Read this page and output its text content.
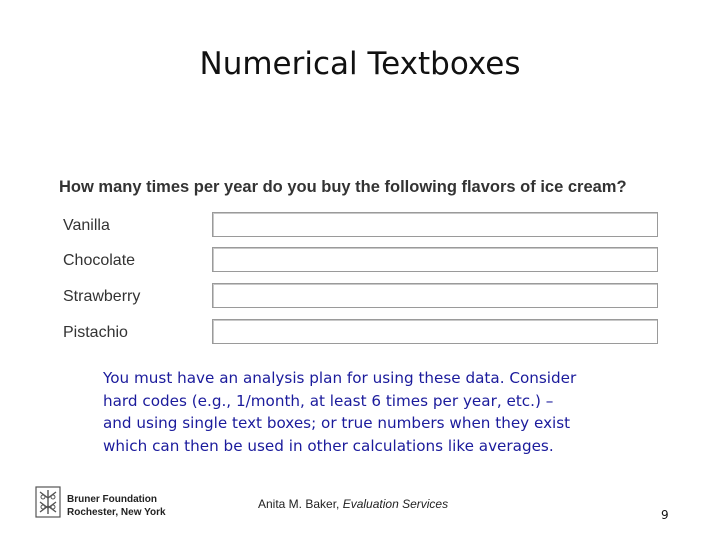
Numerical Textboxes

How many times per year do you buy the following flavors of ice cream?

Vanilla
Chocolate
Strawberry
Pistachio

You must have an analysis plan for using these data. Consider
hard codes (e.g., 1/month, at least 6 times per year, etc.) –
and using single text boxes; or true numbers when they exist
which can then be used in other calculations like averages.

Bruner Foundation
Rochester, New York
Anita M. Baker, Evaluation Services
9
